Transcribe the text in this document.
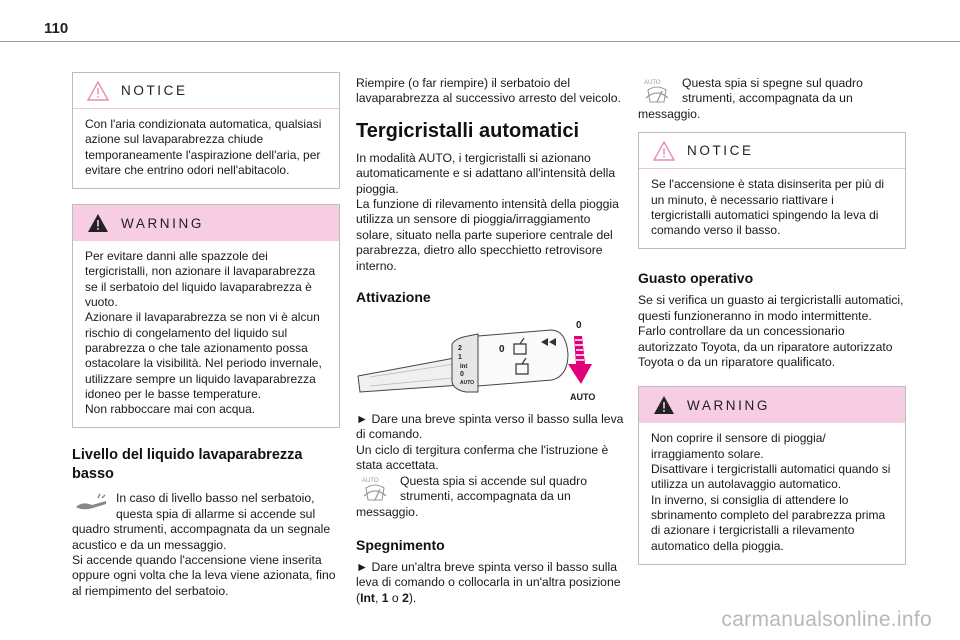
110
NOTICE

Con l'aria condizionata automatica, qualsiasi azione sul lavaparabrezza chiude temporaneamente l'aspirazione dell'aria, per evitare che entrino odori nell'abitacolo.

WARNING

Per evitare danni alle spazzole dei tergicristalli, non azionare il lavaparabrezza se il serbatoio del liquido lavaparabrezza è vuoto.

Azionare il lavaparabrezza se non vi è alcun rischio di congelamento del liquido sul parabrezza o che tale azionamento possa ostacolare la visibilità. Nel periodo invernale, utilizzare sempre un liquido lavaparabrezza idoneo per le basse temperature.

Non rabboccare mai con acqua.

Livello del liquido lavaparabrezza basso

In caso di livello basso nel serbatoio, questa spia di allarme si accende sul quadro strumenti, accompagnata da un segnale acustico e da un messaggio.

Si accende quando l'accensione viene inserita oppure ogni volta che la leva viene azionata, fino al riempimento del serbatoio.

Riempire (o far riempire) il serbatoio del lavaparabrezza al successivo arresto del veicolo.

Tergicristalli automatici

In modalità AUTO, i tergicristalli si azionano automaticamente e si adattano all'intensità della pioggia.

La funzione di rilevamento intensità della pioggia utilizza un sensore di pioggia/irraggiamento solare, situato nella parte superiore centrale del parabrezza, dietro allo specchietto retrovisore interno.

Attivazione
2
1
Int
0
AUTO
0
0
AUTO

► Dare una breve spinta verso il basso sulla leva di comando.

Un ciclo di tergitura conferma che l'istruzione è stata accettata.

AUTO	Questa spia si accende sul quadro strumenti, accompagnata da un messaggio.

Spegnimento

► Dare un'altra breve spinta verso il basso sulla leva di comando o collocarla in un'altra posizione (Int, 1 o 2).

AUTO	Questa spia si spegne sul quadro strumenti, accompagnata da un messaggio.

NOTICE

Se l'accensione è stata disinserita per più di un minuto, è necessario riattivare i tergicristalli automatici spingendo la leva di comando verso il basso.

Guasto operativo

Se si verifica un guasto ai tergicristalli automatici, questi funzioneranno in modo intermittente.

Farlo controllare da un concessionario autorizzato Toyota, da un riparatore autorizzato Toyota o da un riparatore qualificato.

WARNING

Non coprire il sensore di pioggia/ irraggiamento solare.

Disattivare i tergicristalli automatici quando si utilizza un autolavaggio automatico.

In inverno, si consiglia di attendere lo sbrinamento completo del parabrezza prima di azionare i tergicristalli a rilevamento automatico della pioggia.

carmanualsonline.info
